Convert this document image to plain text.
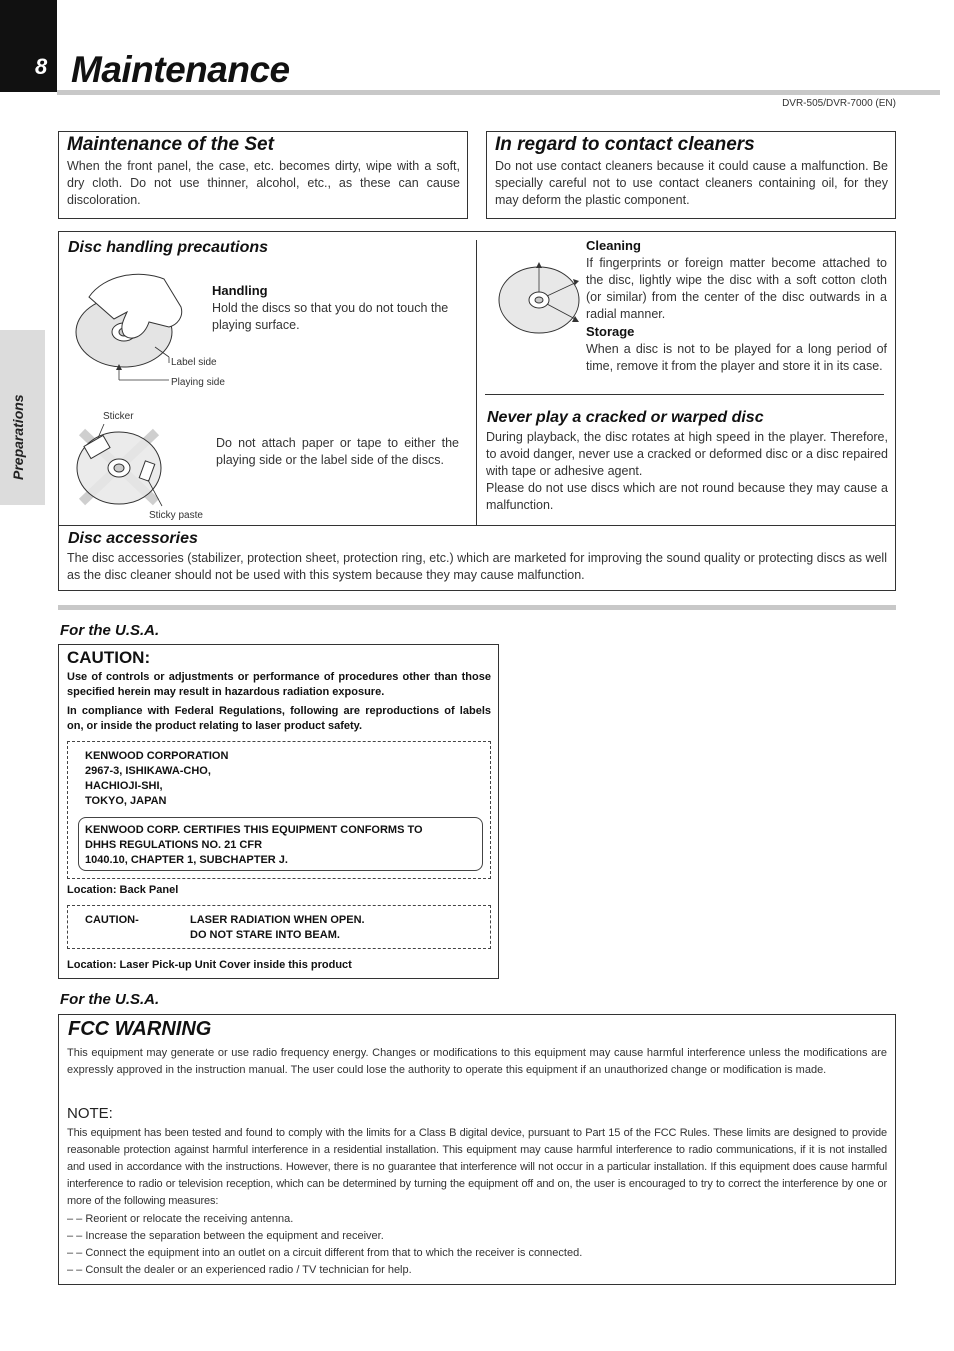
8 Maintenance
DVR-505/DVR-7000 (EN)
Preparations
Maintenance of the Set
When the front panel, the case, etc. becomes dirty, wipe with a soft, dry cloth. Do not use thinner, alcohol, etc., as these can cause discoloration.
In regard to contact cleaners
Do not use contact cleaners because it could cause a malfunction. Be specially careful not to use contact cleaners containing oil, for they may deform the plastic component.
Disc handling precautions
Label side
Playing side
Handling
Hold the discs so that you do not touch the playing surface.
Sticker
Sticky paste
Do not attach paper or tape to either the playing side or the label side of the discs.
Cleaning
If fingerprints or foreign matter become attached to the disc, lightly wipe the disc with a soft cotton cloth (or similar) from the center of the disc outwards in a radial manner.
Storage
When a disc is not to be played for a long period of time, remove it from the player and store it in its case.
Never play a cracked or warped disc
During playback, the disc rotates at high speed in the player. Therefore, to avoid danger, never use a cracked or deformed disc or a disc repaired with tape or adhesive agent.
Please do not use discs which are not round because they may cause a malfunction.
Disc accessories
The disc accessories (stabilizer, protection sheet, protection ring, etc.) which are marketed for improving the sound quality or protecting discs as well as the disc cleaner should not be used with this system because they may cause malfunction.
For the U.S.A.
CAUTION:
Use of controls or adjustments or performance of procedures other than those specified herein may result in hazardous radiation exposure.
In compliance with Federal Regulations, following are reproductions of labels on, or inside the product relating to laser product safety.
KENWOOD CORPORATION
2967-3, ISHIKAWA-CHO,
HACHIOJI-SHI,
TOKYO, JAPAN
KENWOOD CORP. CERTIFIES THIS EQUIPMENT CONFORMS TO
DHHS REGULATIONS NO. 21 CFR
1040.10, CHAPTER 1, SUBCHAPTER J.
Location: Back Panel
CAUTION-	LASER RADIATION WHEN OPEN.
DO NOT STARE INTO BEAM.
Location: Laser Pick-up Unit Cover inside this product
For the U.S.A.
FCC WARNING
This equipment may generate or use radio frequency energy. Changes or modifications to this equipment may cause harmful interference unless the modifications are expressly approved in the instruction manual. The user could lose the authority to operate this equipment if an unauthorized change or modification is made.
NOTE:
This equipment has been tested and found to comply with the limits for a Class B digital device, pursuant to Part 15 of the FCC Rules. These limits are designed to provide reasonable protection against harmful interference in a residential installation. This equipment may cause harmful interference to radio communications, if it is not installed and used in accordance with the instructions. However, there is no guarantee that interference will not occur in a particular installation. If this equipment does cause harmful interference to radio or television reception, which can be determined by turning the equipment off and on, the user is encouraged to try to correct the interference by one or more of the following measures:
– – Reorient or relocate the receiving antenna.
– – Increase the separation between the equipment and receiver.
– – Connect the equipment into an outlet on a circuit different from that to which the receiver is connected.
– – Consult the dealer or an experienced radio / TV technician for help.
